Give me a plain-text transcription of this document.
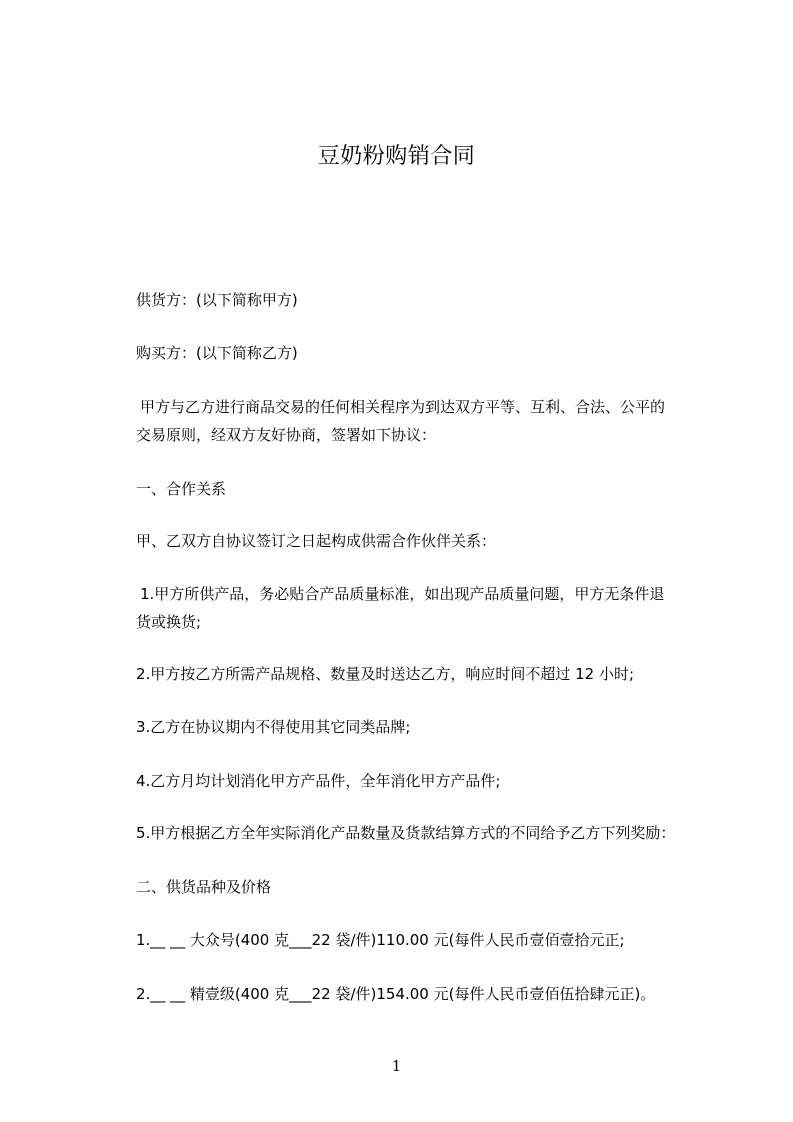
豆奶粉购销合同
供货方：(以下简称甲方)
购买方：(以下简称乙方)
甲方与乙方进行商品交易的任何相关程序为到达双方平等、互利、合法、公平的
交易原则，经双方友好协商，签署如下协议：
一、合作关系
甲、乙双方自协议签订之日起构成供需合作伙伴关系：
1.甲方所供产品，务必贴合产品质量标准，如出现产品质量问题，甲方无条件退
货或换货;
2.甲方按乙方所需产品规格、数量及时送达乙方，响应时间不超过 12 小时;
3.乙方在协议期内不得使用其它同类品牌;
4.乙方月均计划消化甲方产品件，全年消化甲方产品件;
5.甲方根据乙方全年实际消化产品数量及货款结算方式的不同给予乙方下列奖励：
二、供货品种及价格
1.__ __ 大众号(400 克___22 袋/件)110.00 元(每件人民币壹佰壹拾元正;
2.__ __ 精壹级(400 克___22 袋/件)154.00 元(每件人民币壹佰伍拾肆元正)。
1
